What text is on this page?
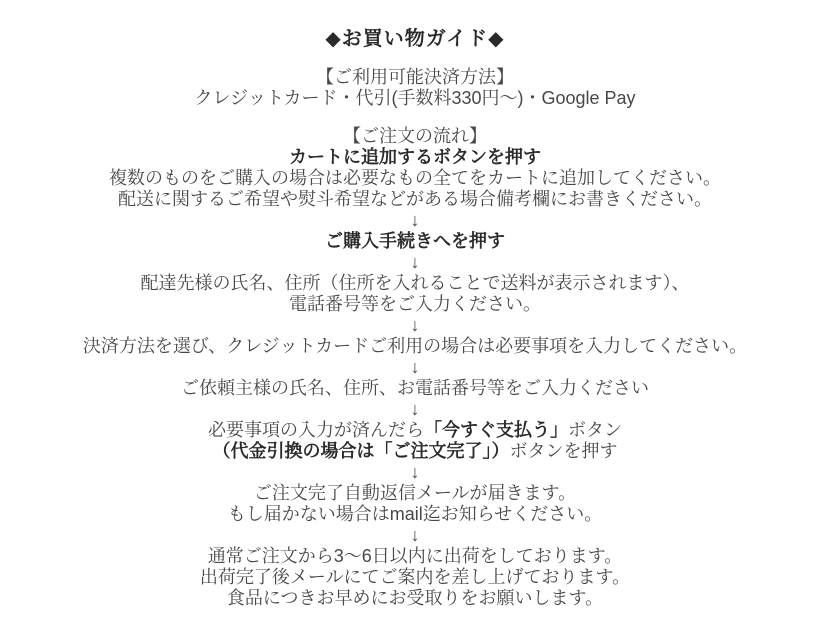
◆お買い物ガイド◆
【ご利用可能決済方法】
クレジットカード・代引(手数料330円〜)・Google Pay
【ご注文の流れ】
カートに追加するボタンを押す
複数のものをご購入の場合は必要なもの全てをカートに追加してください。
配送に関するご希望や熨斗希望などがある場合備考欄にお書きください。
↓
ご購入手続きへを押す
↓
配達先様の氏名、住所（住所を入れることで送料が表示されます）、
電話番号等をご入力ください。
↓
決済方法を選び、クレジットカードご利用の場合は必要事項を入力してください。
↓
ご依頼主様の氏名、住所、お電話番号等をご入力ください
↓
必要事項の入力が済んだら「今すぐ支払う」ボタン
（代金引換の場合は「ご注文完了」）ボタンを押す
↓
ご注文完了自動返信メールが届きます。
もし届かない場合はmail迄お知らせください。
↓
通常ご注文から3〜6日以内に出荷をしております。
出荷完了後メールにてご案内を差し上げております。
食品につきお早めにお受取りをお願いします。
